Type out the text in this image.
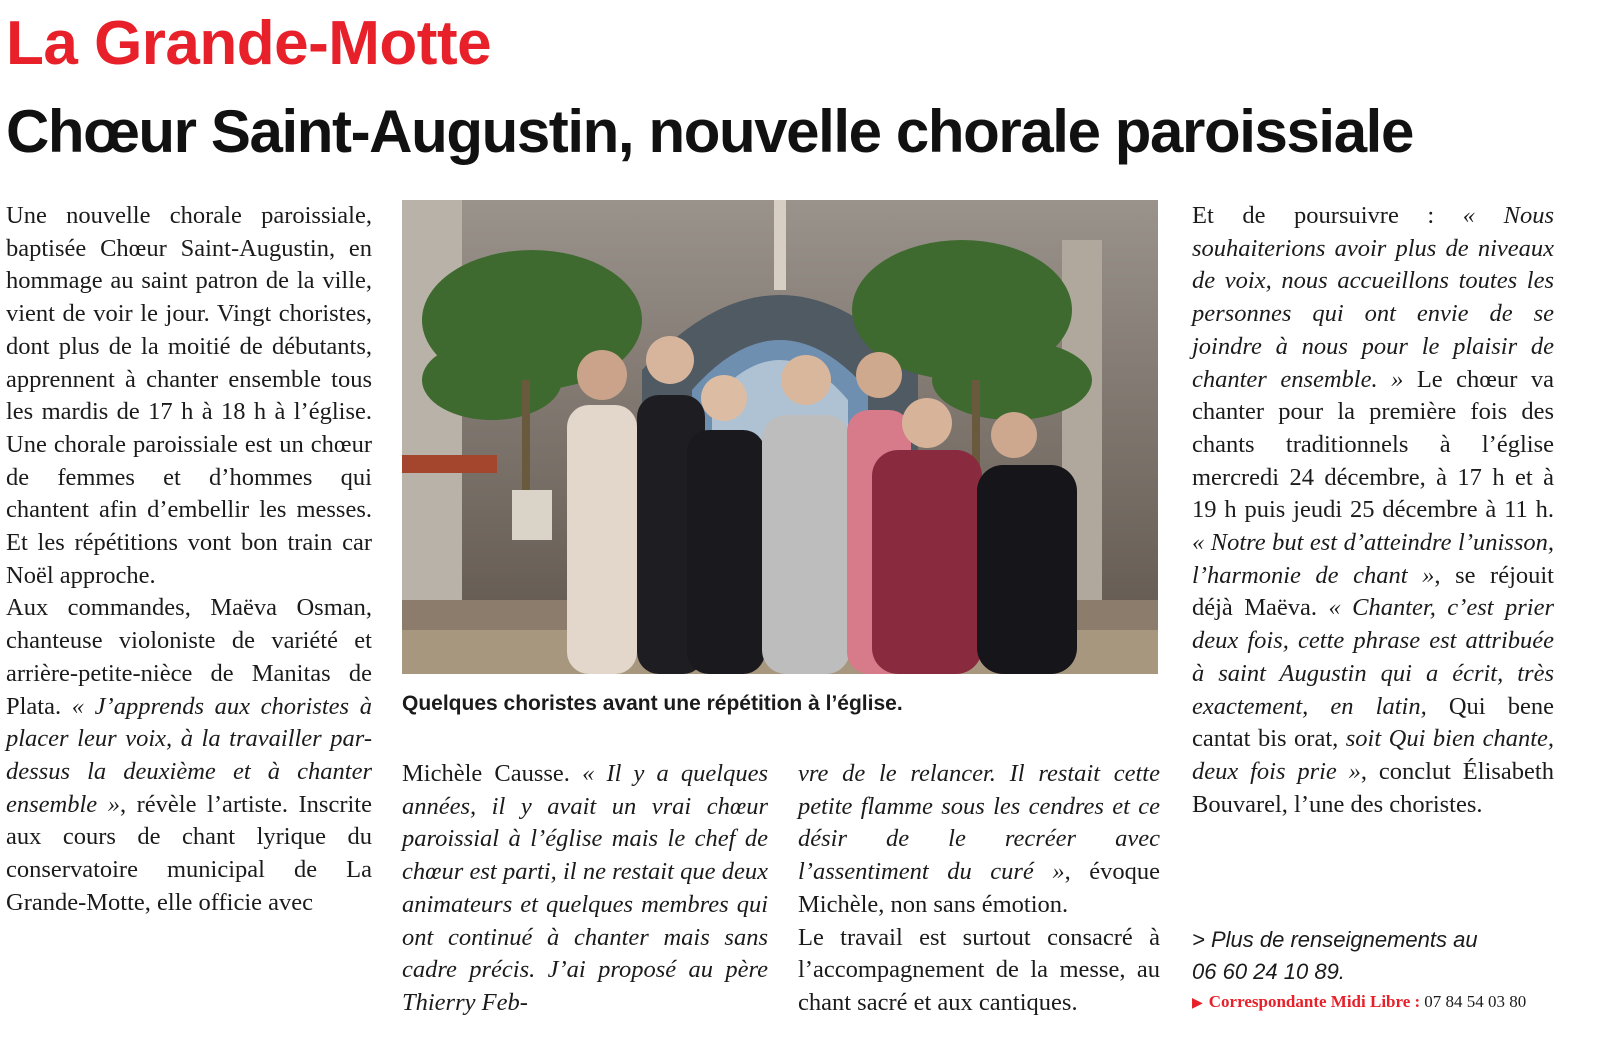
La Grande-Motte
Chœur Saint-Augustin, nouvelle chorale paroissiale

Une nouvelle chorale paroissiale, baptisée Chœur Saint-Augustin, en hommage au saint patron de la ville, vient de voir le jour. Vingt choristes, dont plus de la moitié de débutants, apprennent à chanter ensemble tous les mardis de 17 h à 18 h à l’église. Une chorale paroissiale est un chœur de femmes et d’hommes qui chantent afin d’embellir les messes. Et les répétitions vont bon train car Noël approche.

Aux commandes, Maëva Osman, chanteuse violoniste de variété et arrière-petite-nièce de Manitas de Plata. « J’apprends aux choristes à placer leur voix, à la travailler par-dessus la deuxième et à chanter ensemble », révèle l’artiste. Inscrite aux cours de chant lyrique du conservatoire municipal de La Grande-Motte, elle officie avec

Quelques choristes avant une répétition à l’église.

Michèle Causse. « Il y a quelques années, il y avait un vrai chœur paroissial à l’église mais le chef de chœur est parti, il ne restait que deux animateurs et quelques membres qui ont continué à chanter mais sans cadre précis. J’ai proposé au père Thierry Feb-

vre de le relancer. Il restait cette petite flamme sous les cendres et ce désir de le recréer avec l’assentiment du curé », évoque Michèle, non sans émotion.

Le travail est surtout consacré à l’accompagnement de la messe, au chant sacré et aux cantiques.

Et de poursuivre : « Nous souhaiterions avoir plus de niveaux de voix, nous accueillons toutes les personnes qui ont envie de se joindre à nous pour le plaisir de chanter ensemble. » Le chœur va chanter pour la première fois des chants traditionnels à l’église mercredi 24 décembre, à 17 h et à 19 h puis jeudi 25 décembre à 11 h. « Notre but est d’atteindre l’unisson, l’harmonie de chant », se réjouit déjà Maëva. « Chanter, c’est prier deux fois, cette phrase est attribuée à saint Augustin qui a écrit, très exactement, en latin, Qui bene cantat bis orat, soit Qui bien chante, deux fois prie », conclut Élisabeth Bouvarel, l’une des choristes.

> Plus de renseignements au

06 60 24 10 89.

▶ Correspondante Midi Libre : 07 84 54 03 80
